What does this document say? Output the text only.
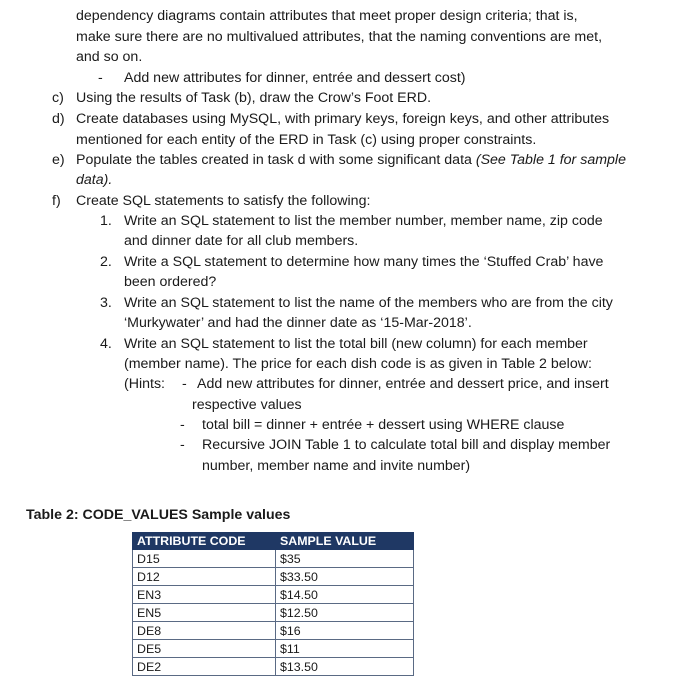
dependency diagrams contain attributes that meet proper design criteria; that is,
make sure there are no multivalued attributes, that the naming conventions are met,
and so on.
- Add new attributes for dinner, entrée and dessert cost)
c) Using the results of Task (b), draw the Crow’s Foot ERD.
d) Create databases using MySQL, with primary keys, foreign keys, and other attributes
mentioned for each entity of the ERD in Task (c) using proper constraints.
e) Populate the tables created in task d with some significant data (See Table 1 for sample
data).
f) Create SQL statements to satisfy the following:
1. Write an SQL statement to list the member number, member name, zip code
and dinner date for all club members.
2. Write a SQL statement to determine how many times the ‘Stuffed Crab’ have
been ordered?
3. Write an SQL statement to list the name of the members who are from the city
‘Murkywater’ and had the dinner date as ‘15-Mar-2018’.
4. Write an SQL statement to list the total bill (new column) for each member
(member name). The price for each dish code is as given in Table 2 below:
(Hints: - Add new attributes for dinner, entrée and dessert price, and insert
respective values
- total bill = dinner + entrée + dessert using WHERE clause
- Recursive JOIN Table 1 to calculate total bill and display member
number, member name and invite number)
Table 2: CODE_VALUES Sample values
ATTRIBUTE CODE	SAMPLE VALUE
D15	$35
D12	$33.50
EN3	$14.50
EN5	$12.50
DE8	$16
DE5	$11
DE2	$13.50
